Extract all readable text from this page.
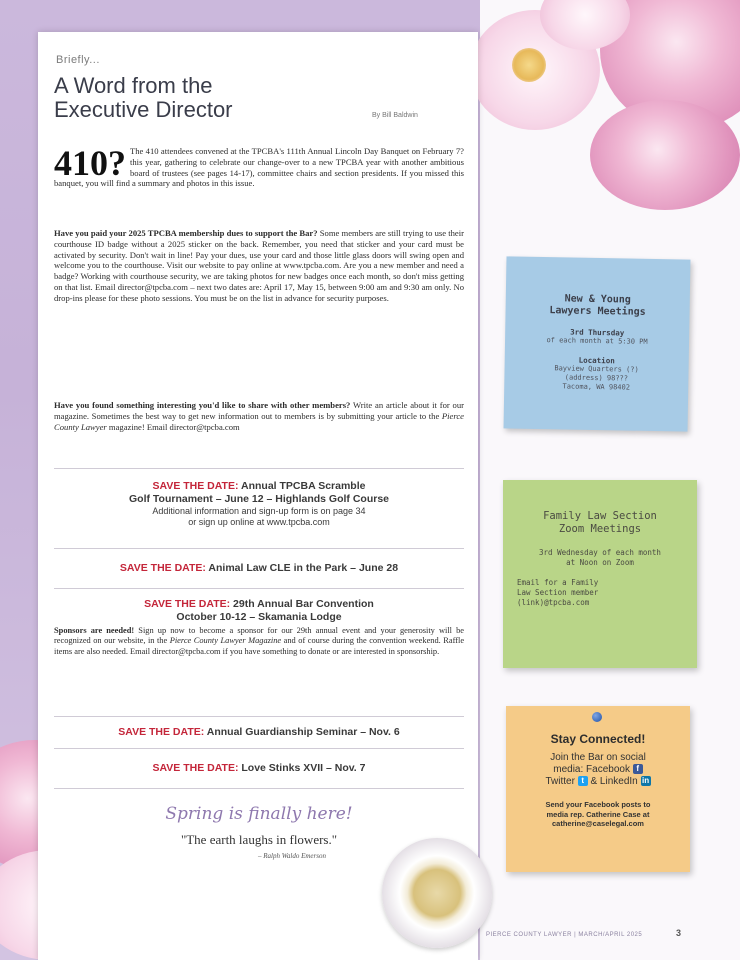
Briefly...
A Word from the
Executive Director	By Bill Baldwin
410? The 410 attendees convened at the TPCBA's 111th Annual Lincoln Day Banquet on February 7? this year, gathering to celebrate our change-over to a new TPCBA year with another ambitious board of trustees (see pages 14-17), committee chairs and section presidents. If you missed this banquet, you will find a summary and photos in this issue.
Have you paid your 2025 TPCBA membership dues to support the Bar? Some members are still trying to use their courthouse ID badge without a 2025 sticker on the back. Remember, you need that sticker and your card must be activated by security. Don't wait in line! Pay your dues, use your card and those little glass doors will swing open and welcome you to the courthouse. Visit our website to pay online at www.tpcba.com. Are you a new member and need a badge? Working with courthouse security, we are taking photos for new badges once each month, so don't miss getting on that list. Email director@tpcba.com – next two dates are: April 17, May 15, between 9:00 am and 9:30 am only. No drop-ins please for these photo sessions. You must be on the list in advance for security purposes.
Have you found something interesting you'd like to share with other members? Write an article about it for our magazine. Sometimes the best way to get new information out to members is by submitting your article to the Pierce County Lawyer magazine! Email director@tpcba.com
SAVE THE DATE: Annual TPCBA Scramble
Golf Tournament – June 12 – Highlands Golf Course
Additional information and sign-up form is on page 34
or sign up online at www.tpcba.com
SAVE THE DATE: Animal Law CLE in the Park – June 28
SAVE THE DATE: 29th Annual Bar Convention
October 10-12 – Skamania Lodge
Sponsors are needed! Sign up now to become a sponsor for our 29th annual event and your generosity will be recognized on our website, in the Pierce County Lawyer Magazine and of course during the convention weekend. Raffle items are also needed. Email director@tpcba.com if you have something to donate or are interested in sponsorship.
SAVE THE DATE: Annual Guardianship Seminar – Nov. 6
SAVE THE DATE: Love Stinks XVII – Nov. 7
Spring is finally here!
"The earth laughs in flowers."
– Ralph Waldo Emerson
New & Young
Lawyers Meetings
3rd Thursday
of each month at 5:30 PM
Location
Bayview Quarters (?)
(address) 98???
Tacoma, WA 98402
Family Law Section
Zoom Meetings
3rd Wednesday of each month
at Noon on Zoom
Email for a Family
Law Section member
(link)@tpcba.com
Stay Connected!
Join the Bar on social
media: Facebook f
Twitter t & LinkedIn in
Send your Facebook posts to
media rep. Catherine Case at
catherine@caselegal.com
PIERCE COUNTY LAWYER | MARCH/APRIL 2025	3
